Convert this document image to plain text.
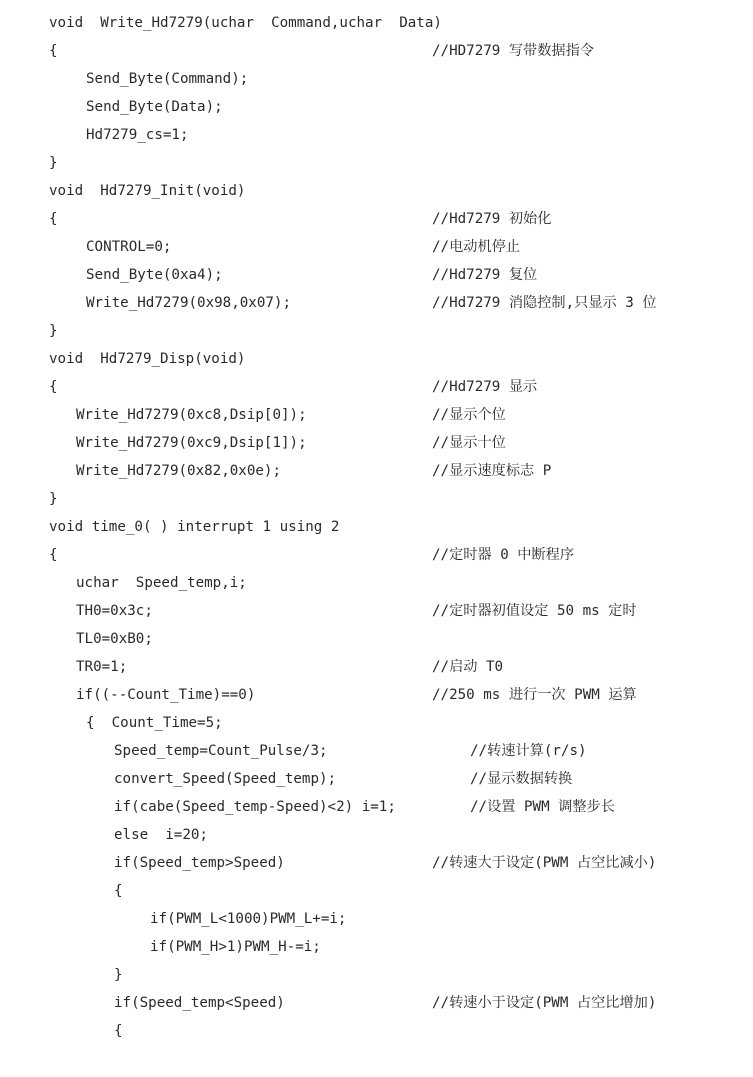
void  Write_Hd7279(uchar  Command,uchar  Data)
{	//HD7279 写带数据指令
Send_Byte(Command);
Send_Byte(Data);
Hd7279_cs=1;
}
void  Hd7279_Init(void)
{	//Hd7279 初始化
CONTROL=0;	//电动机停止
Send_Byte(0xa4);	//Hd7279 复位
Write_Hd7279(0x98,0x07);	//Hd7279 消隐控制,只显示 3 位
}
void  Hd7279_Disp(void)
{	//Hd7279 显示
Write_Hd7279(0xc8,Dsip[0]);	//显示个位
Write_Hd7279(0xc9,Dsip[1]);	//显示十位
Write_Hd7279(0x82,0x0e);	//显示速度标志 P
}
void time_0( ) interrupt 1 using 2
{	//定时器 0 中断程序
uchar  Speed_temp,i;
TH0=0x3c;	//定时器初值设定 50 ms 定时
TL0=0xB0;
TR0=1;	//启动 T0
if((--Count_Time)==0)	//250 ms 进行一次 PWM 运算
{  Count_Time=5;
Speed_temp=Count_Pulse/3;	//转速计算(r/s)
convert_Speed(Speed_temp);	//显示数据转换
if(cabe(Speed_temp-Speed)<2) i=1;	//设置 PWM 调整步长
else  i=20;
if(Speed_temp>Speed)	//转速大于设定(PWM 占空比减小)
{
if(PWM_L<1000)PWM_L+=i;
if(PWM_H>1)PWM_H-=i;
}
if(Speed_temp<Speed)	//转速小于设定(PWM 占空比增加)
{
